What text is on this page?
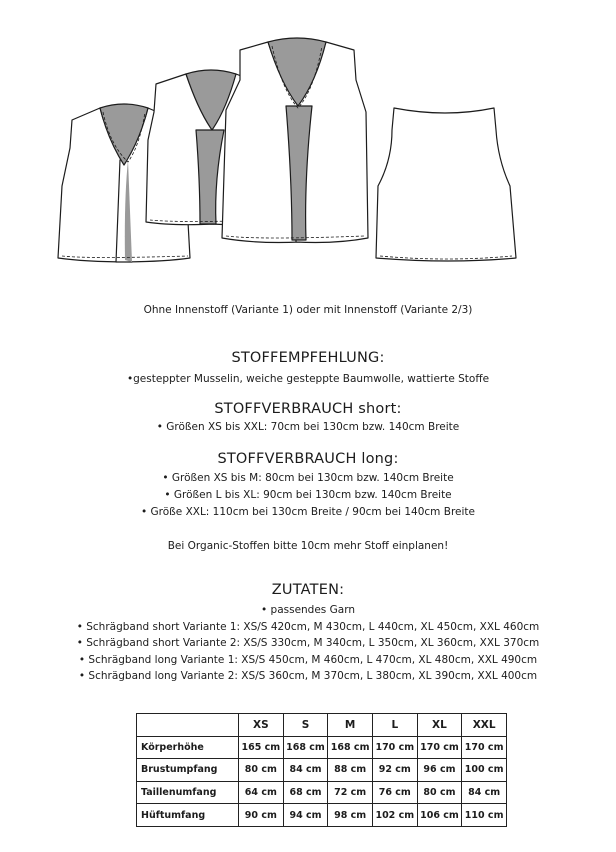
Ohne Innenstoff (Variante 1) oder mit Innenstoff (Variante 2/3)
STOFFEMPFEHLUNG:
•gesteppter Musselin, weiche gesteppte Baumwolle, wattierte Stoffe
STOFFVERBRAUCH short:
• Größen XS bis XXL: 70cm bei 130cm bzw. 140cm Breite
STOFFVERBRAUCH long:
• Größen XS bis M: 80cm bei 130cm bzw. 140cm Breite
• Größen L bis XL: 90cm bei 130cm bzw. 140cm Breite
• Größe XXL: 110cm bei 130cm Breite / 90cm bei 140cm Breite
Bei Organic-Stoffen bitte 10cm mehr Stoff einplanen!
ZUTATEN:
• passendes Garn
• Schrägband short Variante 1: XS/S 420cm, M 430cm, L 440cm, XL 450cm, XXL 460cm
• Schrägband short Variante 2: XS/S 330cm, M 340cm, L 350cm, XL 360cm, XXL 370cm
• Schrägband long Variante 1: XS/S 450cm, M 460cm, L 470cm, XL 480cm, XXL 490cm
• Schrägband long Variante 2: XS/S 360cm, M 370cm, L 380cm, XL 390cm, XXL 400cm
	XS	S	M	L	XL	XXL
Körperhöhe	165 cm	168 cm	168 cm	170 cm	170 cm	170 cm
Brustumpfang	80 cm	84 cm	88 cm	92 cm	96 cm	100 cm
Taillenumfang	64 cm	68 cm	72 cm	76 cm	80 cm	84 cm
Hüftumfang	90 cm	94 cm	98 cm	102 cm	106 cm	110 cm
